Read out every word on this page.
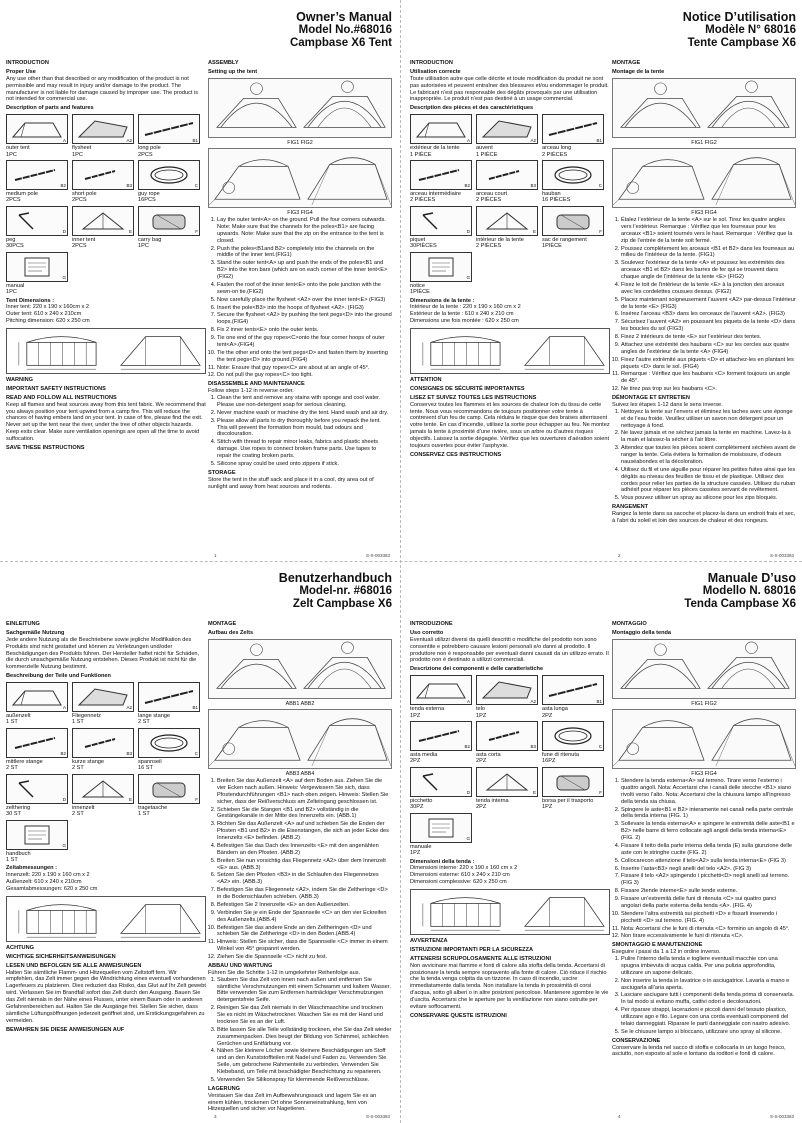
Owner’s Manual
Model No.#68016
Campbase X6 Tent
INTRODUCTION
Proper Use
Any use other than that described or any modification of the product is not permissible and may result in injury and/or damage to the product. The manufacturer is not liable for damage caused by improper use. The product is not intended for commercial use.
Description of parts and features
A
outer tent
1PC
A2
flysheet
1PC
B1
long pole
2PCS
B2
medium pole
2PCS
B3
short pole
2PCS
C
guy rope
16PCS
D
peg
30PCS
E
inner tent
2PCS
F
carry bag
1PC
G
manual
1PC
Tent Dimensions :
Inner tent: 220 x 190 x 160cm x 2
Outer tent: 610 x 240 x 210cm
Pitching dimension: 620 x 250 cm
WARNING
IMPORTANT SAFETY INSTRUCTIONS
READ AND FOLLOW ALL INSTRUCTIONS
Keep all flames and heat sources away from this tent fabric. We recommend that you always position your tent upwind from a camp fire. This will reduce the chances of having embers land on your tent. In case of fire, please find the exit. Never set up the tent near the river, under the tree of other objects hazards. Keep exits clear. Make sure ventilation openings are open all the time to avoid suffocation.
SAVE THESE INSTRUCTIONS
ASSEMBLY
Setting up the tent
FIG1 FIG2
FIG3 FIG4
1. Lay the outer tent<A> on the ground. Pull the four corners outwards. Note: Make sure that the channels for the poles<B1> are facing upwards. Note: Make sure that the zip on the entrance to the tent is closed.
2. Push the poles<B1and B2> completely into the channels on the middle of the inner tent.(FIG1)
3. Stand the outer tent<A> up and push the ends of the poles<B1 and B2> into the iron bars (which are on each corner of the inner tent<E> (FIG2)
4. Fasten the roof of the inner tent<E> onto the pole junction with the sewn-on tie.(FIG2)
5. Now carefully place the flysheet <A2> over the inner tent<E> (FIG3)
6. Insert the pole<B3> into the hoops of flysheet <A2>. (FIG3)
7. Secure the flysheet <A2> by pushing the tent pegs<D> into the ground loops.(FIG4)
8. Fix 2 inner tents<E> onto the outer tents.
9. Tie one end of the guy ropes<C>onto the four corner hoops of outer tent<A>.(FIG4)
10. Tie the other end onto the tent pegs<D> and fasten them by inserting the tent pegs<D> into ground.(FIG4)
11. Note: Ensure that guy ropes<C> are about at an angle of 45°.
12. Do not pull the guy ropes<C> too tight.
DISASSEMBLE AND MAINTENANCE
Follow steps 1-12 in reverse order.
1. Clean the tent and remove any stains with sponge and cool water. Please use non-detergent soap for serious cleaning.
2. Never machine wash or machine dry the tent. Hand wash and air dry.
3. Please allow all parts to dry thoroughly before you repack the tent. This will prevent the formation from mould, bad odours and discolouration.
4. Stitch with thread to repair minor leaks, fabrics and plastic sheets damage. Use ropes to connect broken frame parts. Use tapes to repair the coating broken parts.
5. Silicone spray could be used onto zippers if stick.
STORAGE
Store the tent in the stuff sack and place it in a cool, dry area out of sunlight and away from heat sources and rodents.
1	S-S-003383
Notice D’utilisation
Modèle N° 68016
Tente Campbase X6
INTRODUCTION
Utilisation correcte
Toute utilisation autre que celle décrite et toute modification du produit ne sont pas autorisées et peuvent entraîner des blessures et/ou endommager le produit. Le fabricant n’est pas responsable des dégâts provoqués par une utilisation inappropriée. Le produit n’est pas destiné à un usage commercial.
Description des pièces et des caractéristiques
A
extérieur de la tente
1 PIÈCE
A2
auvent
1 PIÈCE
B1
arceau long
2 PIÈCES
B2
arceau intermédiaire
2 PIÈCES
B3
arceau court
2 PIÈCES
C
hauban
16 PIÈCES
D
piquet
30PIÈCES
E
intérieur de la tente
2 PIÈCES
F
sac de rangement
1PIÈCE
G
notice
1PIÈCE
Dimensions de la tente :
Intérieur de la tente : 220 x 190 x 160 cm x 2
Extérieur de la tente : 610 x 240 x 210 cm
Dimensions une fois montée : 620 x 250 cm
ATTENTION
CONSIGNES DE SÉCURITÉ IMPORTANTES
LISEZ ET SUIVEZ TOUTES LES INSTRUCTIONS
Conservez toutes les flammes et les sources de chaleur loin du tissu de cette tente. Nous vous recommandons de toujours positionner votre tente à contrevent d’un feu de camp. Cela réduira le risque que des braises atterrissent votre tente. En cas d’incendie, utilisez la sortie pour échapper au feu. Ne montez jamais la tente à proximité d’une rivière, sous un arbre ou d’autres risques objectifs. Laissez la sortie dégagée. Vérifiez que les ouvertures d’aération soient toujours ouvertes pour éviter l’asphyxie.
CONSERVEZ CES INSTRUCTIONS
MONTAGE
Montage de la tente
FIG1 FIG2
FIG3 FIG4
1. Étalez l’extérieur de la tente <A> sur le sol. Tirez les quatre angles vers l’extérieur. Remarque : Vérifiez que les fourreaux pour les arceaux <B1> soient tournés vers le haut. Remarque : Vérifiez que la zip de l’entrée de la tente soit fermé.
2. Poussez complètement les arceaux <B1 et B2> dans les fourreaux au milieu de l’intérieur de la tente. (FIG1)
3. Soulevez l’extérieur de la tente <A> et poussez les extrémités des arceaux <B1 et B2> dans les barres de fer qui se trouvent dans chaque angle de l’intérieur de la tente <E> (FIG2)
4. Fixez le toit de l’intérieur de la tente <E> à la jonction des arceaux avec les cordelettes cousues dessus. (FIG2)
5. Placez maintenant soigneusement l’auvent <A2> par-dessus l’intérieur de la tente <E> (FIG3)
6. Insérez l’arceau <B3> dans les cerceaux de l’auvent <A2>. (FIG3)
7. Sécurisez l’auvent <A2> en poussant les piquets de la tente <D> dans les boucles du sol (FIG3)
8. Fixez 2 intérieurs de tente <E> sur l’extérieur des tentes.
9. Attachez une extrémité des haubans <C> sur les cercles aux quatre angles de l’extérieur de la tente <A> (FIG4)
10. Fixez l’autre extrémité aux piquets <D> et attachez-les en plantant les piquets <D> dans le sol. (FIG4)
11. Remarque : Vérifiez que les haubans <C> forment toujours un angle de 45°.
12. Ne tirez pas trop sur les haubans <C>.
DÉMONTAGE ET ENTRETIEN
Suivez les étapes 1-12 dans le sens inverse.
1. Nettoyez la tente sur l’envers et éliminez les taches avec une éponge et de l’eau froide. Veuillez utiliser un savon non détergent pour un nettoyage à fond.
2. Ne lavez jamais et ne séchez jamais la tente en machine. Lavez-la à la main et laissez-la sécher à l’air libre.
3. Attendez que toutes les pièces soient complètement séchées avant de ranger la tente. Cela évitera la formation de moisissure, d’odeurs nauséabondes et la décoloration.
4. Utilisez du fil et une aiguille pour réparer les petites fuites ainsi que les dégâts au niveau des feuilles de tissu et de plastique. Utilisez des cordes pour relier les parties de la structure cassées. Utilisez du ruban adhésif pour réparer les pièces cassées servant de revêtement.
5. Vous pouvez utiliser un spray au silicone pour les zips bloqués.
RANGEMENT
Rangez la tente dans sa sacoche et placez-la dans un endroit frais et sec, à l’abri du soleil et loin des sources de chaleur et des rongeurs.
2	S-S-003383
Benutzerhandbuch
Model-nr. #68016
Zelt Campbase X6
EINLEITUNG
Sachgemäße Nutzung
Jede andere Nutzung als die Beschriebene sowie jegliche Modifikation des Produkts sind nicht gestattet und können zu Verletzungen und/oder Beschädigungen des Produkts führen. Der Hersteller haftet nicht für Schäden, die durch unsachgemäße Nutzung entstehen. Dieses Produkt ist nicht für die kommerzielle Nutzung bestimmt.
Beschreibung der Teile und Funktionen
A
außenzelt
1 ST
A2
Fliegennetz
1 ST
B1
lange stange
2 ST
B2
mittlere stange
2 ST
B3
kurze stange
2 ST
C
spannseil
16 ST
D
zelthering
30 ST
E
innenzelt
2 ST
F
tragetasche
1 ST
G
handbuch
1 ST
Zeltabmessungen :
Innenzelt: 220 x 190 x 160 cm x 2
Außenzelt: 610 x 240 x 210cm
Gesamtabmessungen: 620 x 250 cm
ACHTUNG
WICHTIGE SICHERHEITSANWEISUNGEN
LESEN UND BEFOLGEN SIE ALLE ANWEISUNGEN
Halten Sie sämtliche Flamm- und Hitzequellen vom Zeltstoff fern. Wir empfehlen, das Zelt immer gegen die Windrichtung eines eventuell vorhandenen Lagerfeuers zu platzieren. Dies reduziert das Risiko, das Glut auf Ihr Zelt gewebt wird. Verlassen Sie im Brandfall sofort das Zelt durch den Ausgang. Bauen Sie das Zelt niemals in der Nähe eines Flusses, unter einem Baum oder in anderen Gefahrenbereichen auf. Halten Sie die Ausgänge frei. Stellen Sie sicher, dass sämtliche Lüftungsöffnungen jederzeit geöffnet sind, um Erstickungsgefahren zu vermeiden.
BEWAHREN SIE DIESE ANWEISUNGEN AUF
MONTAGE
Aufbau des Zelts
ABB1 ABB2
ABB3 ABB4
1. Breiten Sie das Außenzelt <A> auf dem Boden aus. Ziehen Sie die vier Ecken nach außen. Hinweis: Vergewissern Sie sich, dass Pfostendurchführungen <B1> nach oben zeigen. Hinweis: Stellen Sie sicher, dass der Reißverschluss am Zelteingang geschlossen ist.
2. Schieben Sie die Stangen <B1 und B2> vollständig in die Gestängekanäle in der Mitte des Innenzelts ein. (ABB.1)
3. Richten Sie das Außenzelt <A> auf und schieben Sie die Enden der Pfosten <B1 und B2> in die Eisenstangen, die sich an jeder Ecke des Innenzelts <E> befinden. (ABB.2)
4. Befestigen Sie das Dach des Innenzelts <E> mit den angenähten Bändern an den Pfosten. (ABB.2)
5. Breiten Sie nun vorsichtig das Fliegennetz <A2> über dem Innenzelt <E> aus. (ABB.3)
6. Setzen Sie den Pfosten <B3> in die Schlaufen des Fliegennetzes <A2> ein. (ABB.3)
7. Befestigen Sie das Fliegennetz <A2>, indem Sie die Zeltheringe <D> in die Bodenschlaufen schieben. (ABB.3)
8. Befestigen Sie 2 Innenzelte <E> an den Außenzelten.
9. Verbinden Sie je ein Ende der Spannseile <C> an den vier Eckreifen des Außenzelts.(ABB.4)
10. Befestigen Sie das andere Ende an den Zeltheringen <D> und schieben Sie die Zeltheringe <D> in den Boden.(ABB.4)
11. Hinweis: Stellen Sie sicher, dass die Spannseile <C> immer in einem Winkel von 45° gespannt werden.
12. Ziehen Sie die Spannseile <C> nicht zu fest.
ABBAU UND WARTUNG
Führen Sie die Schritte 1-12 in umgekehrter Reihenfolge aus.
1. Säubern Sie das Zelt von innen nach außen und entfernen Sie sämtliche Verschmutzungen mit einem Schwamm und kaltem Wasser. Bitte verwenden Sie zum Entfernen hartnäckiger Verschmutzungen detergentsfreie Seife.
2. Reinigen Sie das Zelt niemals in der Waschmaschine und trocknen Sie es nicht im Wäschetrockner. Waschen Sie es mit der Hand und trocknen Sie es an der Luft.
3. Bitte lassen Sie alle Teile vollständig trocknen, ehe Sie das Zelt wieder zusammenpacken. Dies beugt der Bildung von Schimmel, schlechten Gerüchen und Entfärbung vor.
4. Nähen Sie kleinere Löcher sowie kleinere Beschädigungen am Stoff und an den Kunststoffteilen mit Nadel und Faden zu. Verwenden Sie Seile, um gebrochene Rahmenteile zu verbinden. Verwenden Sie Klebeband, um Teile mit beschädigter Beschichtung zu reparieren.
5. Verwenden Sie Silikonspray für klemmende Reißverschlüsse.
LAGERUNG
Verstauen Sie das Zelt im Aufbewahrungssack und lagern Sie es an einem kühlen, trockenen Ort ohne Sonneneinstrahlung, fern von Hitzequellen und sicher vor Nagetieren.
3	S-S-003383
Manuale D’uso
Modello N. 68016
Tenda Campbase X6
INTRODUZIONE
Uso corretto
Eventuali utilizzi diversi da quelli descritti o modifiche del prodotto non sono consentite e potrebbero causare lesioni personali e/o danni al prodotto. Il produttore non è responsabile per eventuali danni causati da un utilizzo errato. Il prodotto non è destinato a utilizzi commerciali.
Descrizione dei componenti e delle caratteristiche
A
tenda esterna
1PZ
A2
telo
1PZ
B1
asta lunga
2PZ
B2
asta media
2PZ
B3
asta corta
2PZ
C
fune di ritenuta
16PZ
D
picchetto
30PZ
E
tenda interna
2PZ
F
borsa per il trasporto
1PZ
G
manuale
1PZ
Dimensioni della tenda :
Dimensioni interne: 220 x 190 x 160 cm x 2
Dimensioni esterne: 610 x 240 x 210 cm
Dimensioni complessive: 620 x 250 cm
AVVERTENZA
ISTRUZIONI IMPORTANTI PER LA SICUREZZA
ATTENERSI SCRUPOLOSAMENTE ALLE ISTRUZIONI
Non avvicinare mai fiamme e fonti di calore alla stoffa della tenda. Accertarsi di posizionare la tenda sempre sopravento alla fonte di calore. Ciò riduce il rischio che la tenda venga colpita da un tizzone. In caso di incendio, uscire immediatamente dalla tenda. Non installare la tenda in prossimità di corsi d’acqua, sotto gli alberi o in altre posizioni pericolose. Mantenere sgombre le vie d’uscita. Accertarsi che le aperture per la ventilazione non siano ostruite per evitare soffocamenti.
CONSERVARE QUESTE ISTRUZIONI
MONTAGGIO
Montaggio della tenda
FIG1 FIG2
FIG3 FIG4
1. Stendere la tenda esterna<A> sul terreno. Tirare verso l’esterno i quattro angoli. Nota: Accertarsi che i canali delle stecche <B1> siano rivolti verso l’alto. Nota: Accertarsi che la chiusura lampo all’ingresso della tenda sia chiusa.
2. Spingere le aste<B1 e B2> interamente nei canali nella parte centrale della tenda interna (FIG. 1)
3. Sollevare la tenda esterna<A> e spingere le estremità delle aste<B1 e B2> nelle barre di ferro collocate agli angoli della tenda interna<E> (FIG. 2)
4. Fissare il tetto della parte interna della tenda (E) sulla giunzione delle aste con le stringhe cucite (FIG. 2)
5. Collocarecon attenzione il telo<A2> sulla tenda interna<E> (FIG 3)
6. Inserire l’asta<B3> negli anelli del telo <A2>. (FIG 3)
7. Fissare il telo <A2> spingendo i picchetti<D> negli anelli sul terreno. (FIG 3)
8. Fissare 2tende interne<E> sulle tende esterne.
9. Fissare un’estremità delle funi di ritenuta <C> sui quattro ganci angolari della parte esterna della tenda <A>. (FIG. 4)
10. Stendere l’altra estremità sui picchetti <D> e fissarli inserendo i picchetti <D> sul terreno. (FIG. 4)
11. Nota: Accertarsi che le funi di ritenuta <C> formino un angolo di 45°.
12. Non tirare eccessivamente le funi di ritenuta <C>.
SMONTAGGIO E MANUTENZIONE
Eseguire i passi da 1 a 12 in ordine inverso.
1. Pulire l’interno della tenda e togliere eventuali macchie con una spugna imbevuta di acqua calda. Per una pulizia approfondita, utilizzare un sapone delicato.
2. Non inserire la tenda in lavatrice o in asciugatrice. Lavarla a mano e asciugarla all’aria aperta.
3. Lasciare asciugare tutti i componenti della tenda prima di conservarla. In tal modo si evitano muffa, cattivi odori e decolorazioni.
4. Per riparare strappi, lacerazioni e piccoli danni del tessuto plastico, utilizzare ago e filo. Legare con una corda eventuali componenti del telaio danneggiati. Riparare le parti danneggiate con nastro adesivo.
5. Se le chiusure lampo si bloccano, utilizzare uno spray al silicone.
CONSERVAZIONE
Conservare la tenda nel sacco di stoffa e collocarla in un luogo fresco, asciutto, non esposto al sole e lontano da roditori e fonti di calore.
4	S-S-003383
